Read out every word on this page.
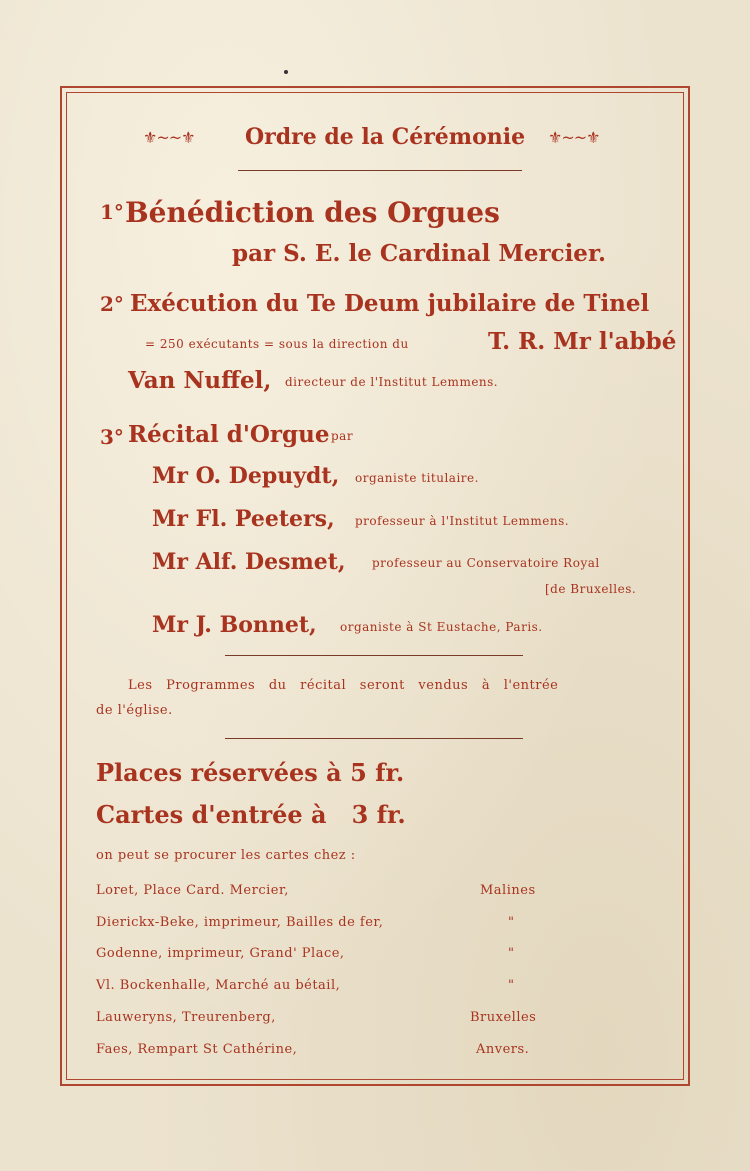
⚜~~⚜ Ordre de la Cérémonie ⚜~~⚜
1° Bénédiction des Orgues
par S. E. le Cardinal Mercier.
2° Exécution du Te Deum jubilaire de Tinel
= 250 exécutants = sous la direction du	T. R. Mr l'abbé
Van Nuffel, directeur de l'Institut Lemmens.
3° Récital d'Orgue par
Mr O. Depuydt, organiste titulaire.
Mr Fl. Peeters, professeur à l'Institut Lemmens.
Mr Alf. Desmet, professeur au Conservatoire Royal
[de Bruxelles.
Mr J. Bonnet, organiste à St Eustache, Paris.
Les Programmes du récital seront vendus à l'entrée
de l'église.
Places réservées à 5 fr.
Cartes d'entrée à   3 fr.
on peut se procurer les cartes chez :
Loret, Place Card. Mercier,	Malines
Dierickx-Beke, imprimeur, Bailles de fer,	"
Godenne, imprimeur, Grand' Place,	"
Vl. Bockenhalle, Marché au bétail,	"
Lauweryns, Treurenberg,	Bruxelles
Faes, Rempart St Cathérine,	Anvers.
